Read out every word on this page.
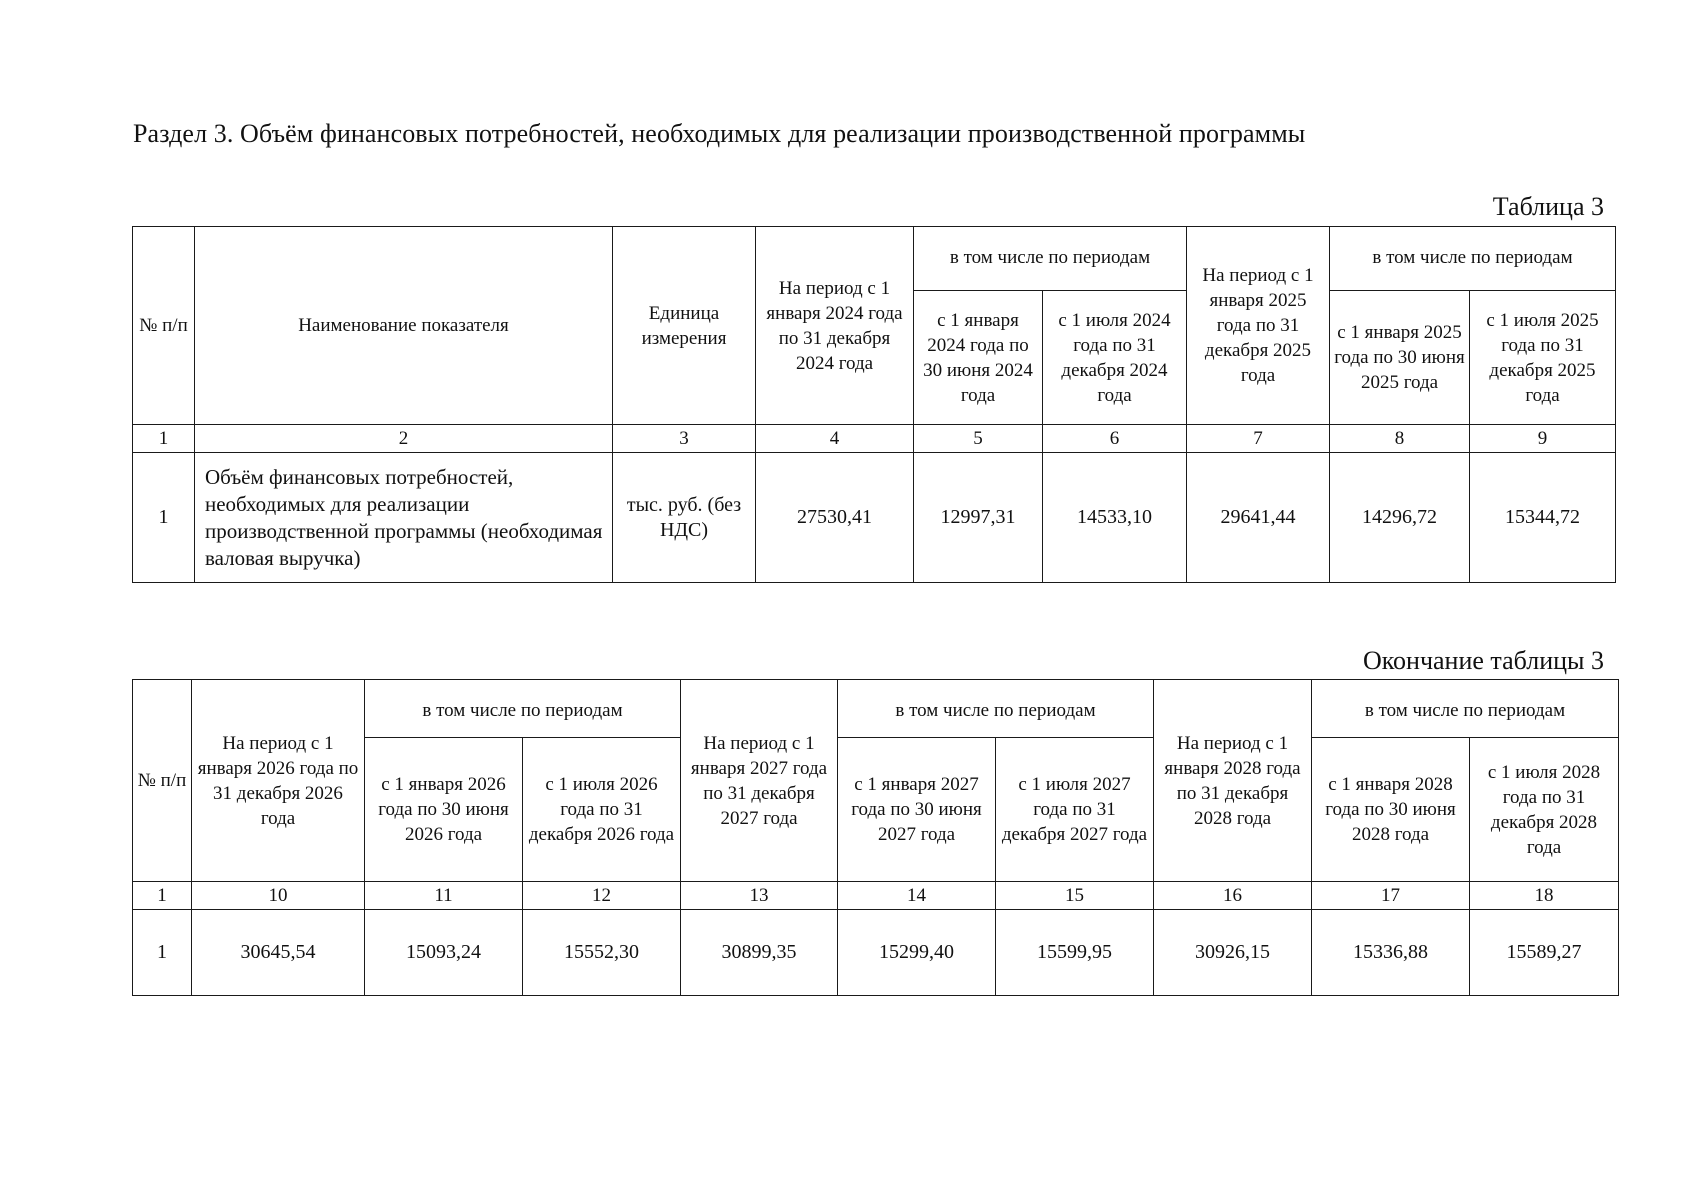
Раздел 3. Объём финансовых потребностей, необходимых для реализации производственной программы
Таблица 3
№ п/п	Наименование показателя	Единица измерения	На период с 1 января 2024 года по 31 декабря 2024 года	в том числе по периодам		На период с 1 января 2025 года по 31 декабря 2025 года	в том числе по периодам	
				с 1 января 2024 года по 30 июня 2024 года	с 1 июля 2024 года по 31 декабря 2024 года		с 1 января 2025 года по 30 июня 2025 года	с 1 июля 2025 года по 31 декабря 2025 года
1	2	3	4	5	6	7	8	9
1	Объём финансовых потребностей, необходимых для реализации производственной программы (необходимая валовая выручка)	тыс. руб. (без НДС)	27530,41	12997,31	14533,10	29641,44	14296,72	15344,72
Окончание таблицы 3
№ п/п	На период с 1 января 2026 года по 31 декабря 2026 года	в том числе по периодам		На период с 1 января 2027 года по 31 декабря 2027 года	в том числе по периодам		На период с 1 января 2028 года по 31 декабря 2028 года	в том числе по периодам	
		с 1 января 2026 года по 30 июня 2026 года	с 1 июля 2026 года по 31 декабря 2026 года		с 1 января 2027 года по 30 июня 2027 года	с 1 июля 2027 года по 31 декабря 2027 года		с 1 января 2028 года по 30 июня 2028 года	с 1 июля 2028 года по 31 декабря 2028 года
1	10	11	12	13	14	15	16	17	18
1	30645,54	15093,24	15552,30	30899,35	15299,40	15599,95	30926,15	15336,88	15589,27
